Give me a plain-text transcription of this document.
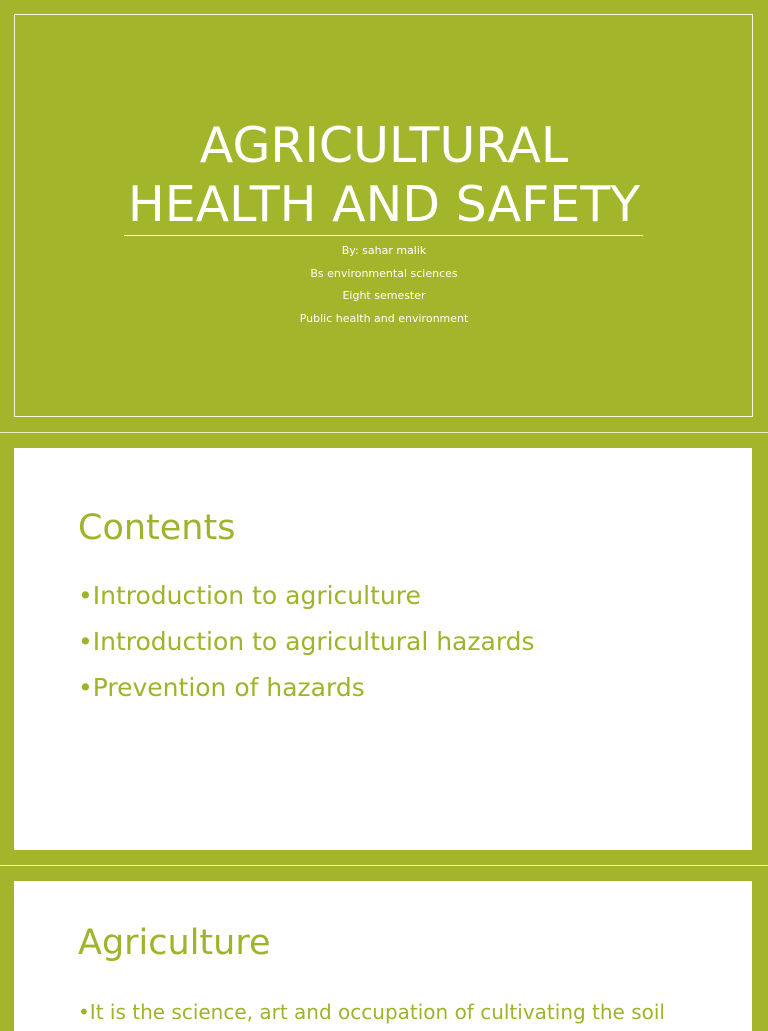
AGRICULTURAL
HEALTH AND SAFETY
By: sahar malik
Bs environmental sciences
Eight semester
Public health and environment
Contents
•Introduction to agriculture
•Introduction to agricultural hazards
•Prevention of hazards
Agriculture
•It is the science, art and occupation of cultivating the soil
